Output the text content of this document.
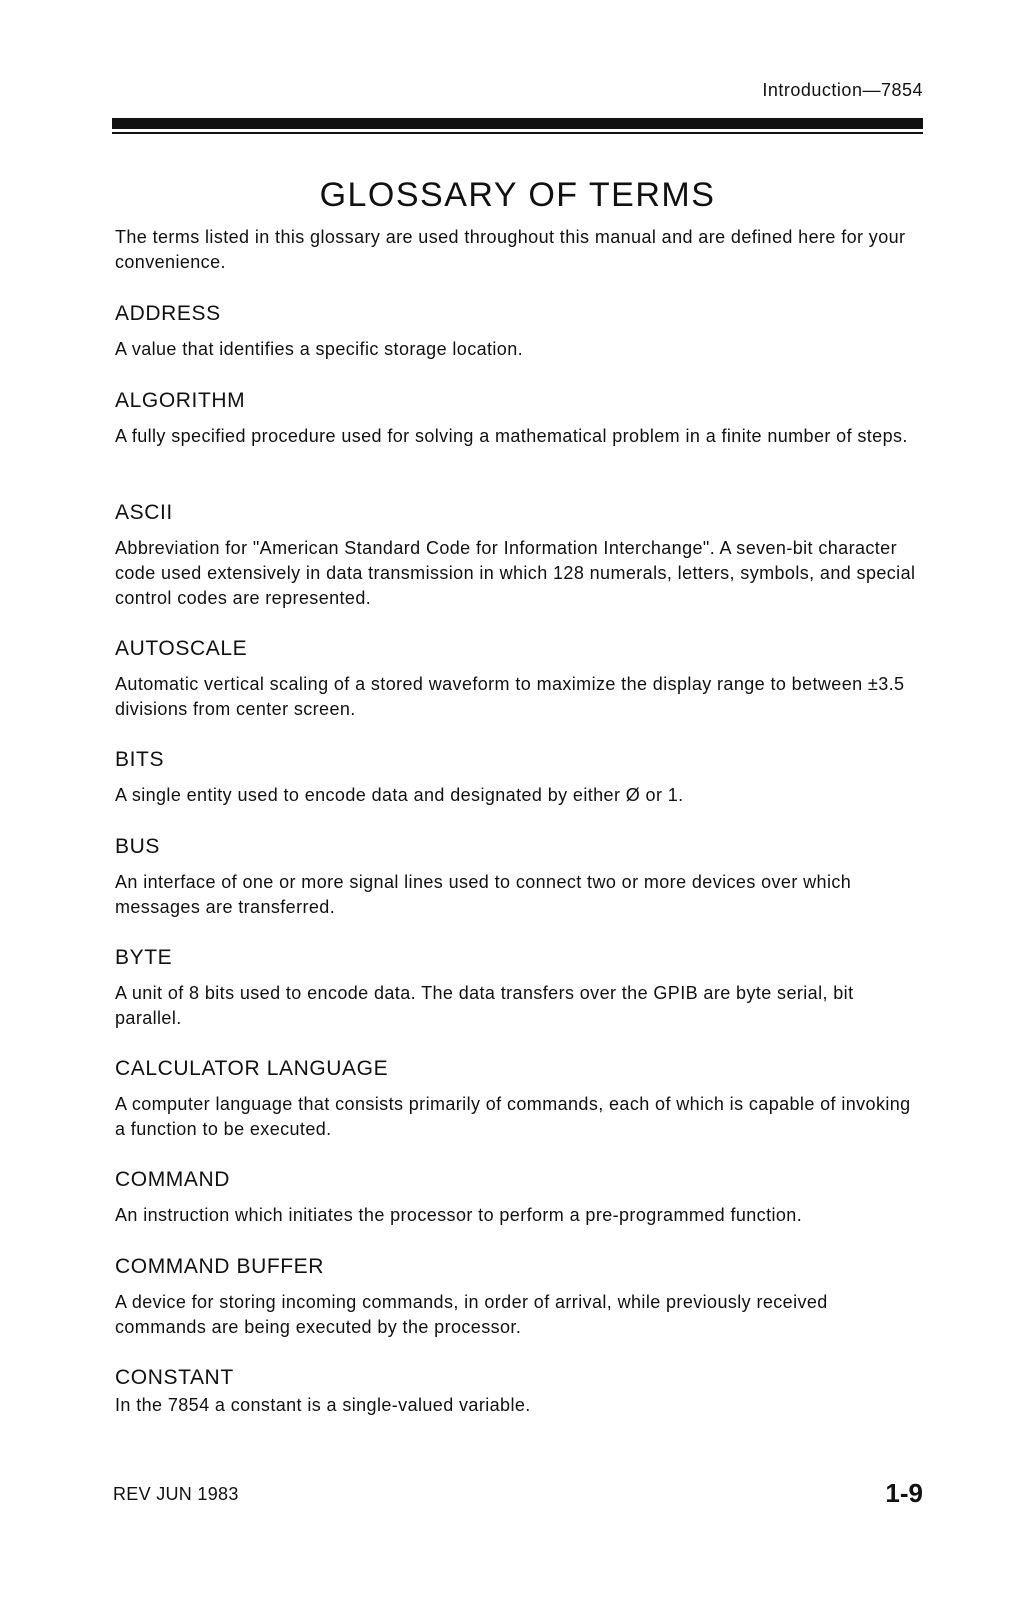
Introduction—7854
GLOSSARY OF TERMS

The terms listed in this glossary are used throughout this manual and are defined here for your convenience.

ADDRESS

A value that identifies a specific storage location.

ALGORITHM

A fully specified procedure used for solving a mathematical problem in a finite number of steps.

ASCII

Abbreviation for "American Standard Code for Information Interchange". A seven-bit character code used extensively in data transmission in which 128 numerals, letters, symbols, and special control codes are represented.

AUTOSCALE

Automatic vertical scaling of a stored waveform to maximize the display range to between ±3.5 divisions from center screen.

BITS

A single entity used to encode data and designated by either Ø or 1.

BUS

An interface of one or more signal lines used to connect two or more devices over which messages are transferred.

BYTE

A unit of 8 bits used to encode data. The data transfers over the GPIB are byte serial, bit parallel.

CALCULATOR LANGUAGE

A computer language that consists primarily of commands, each of which is capable of invoking a function to be executed.

COMMAND

An instruction which initiates the processor to perform a pre-programmed function.

COMMAND BUFFER

A device for storing incoming commands, in order of arrival, while previously received commands are being executed by the processor.

CONSTANT

In the 7854 a constant is a single-valued variable.

REV JUN 1983	1-9
